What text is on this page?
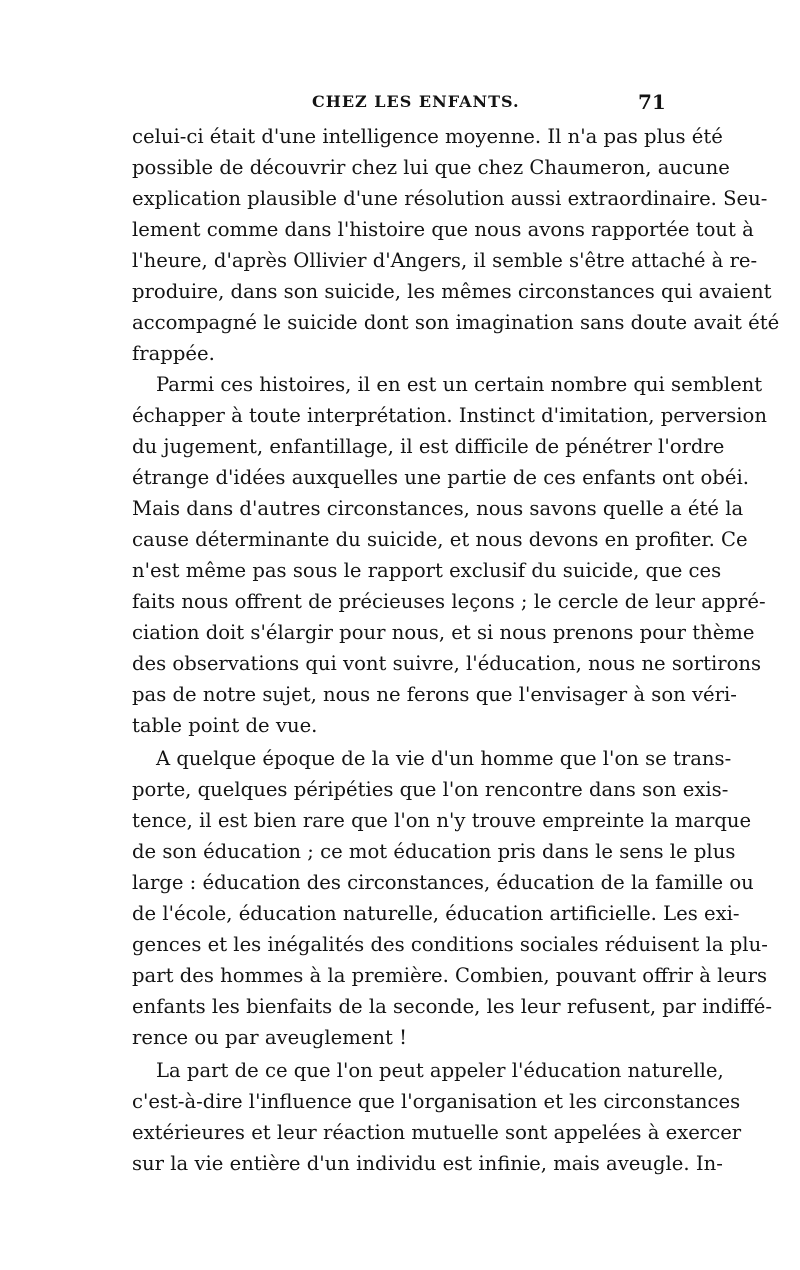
CHEZ LES ENFANTS.	71
celui-ci était d'une intelligence moyenne. Il n'a pas plus été
possible de découvrir chez lui que chez Chaumeron, aucune
explication plausible d'une résolution aussi extraordinaire. Seu-
lement comme dans l'histoire que nous avons rapportée tout à
l'heure, d'après Ollivier d'Angers, il semble s'être attaché à re-
produire, dans son suicide, les mêmes circonstances qui avaient
accompagné le suicide dont son imagination sans doute avait été
frappée.
Parmi ces histoires, il en est un certain nombre qui semblent
échapper à toute interprétation. Instinct d'imitation, perversion
du jugement, enfantillage, il est difficile de pénétrer l'ordre
étrange d'idées auxquelles une partie de ces enfants ont obéi.
Mais dans d'autres circonstances, nous savons quelle a été la
cause déterminante du suicide, et nous devons en profiter. Ce
n'est même pas sous le rapport exclusif du suicide, que ces
faits nous offrent de précieuses leçons ; le cercle de leur appré-
ciation doit s'élargir pour nous, et si nous prenons pour thème
des observations qui vont suivre, l'éducation, nous ne sortirons
pas de notre sujet, nous ne ferons que l'envisager à son véri-
table point de vue.
A quelque époque de la vie d'un homme que l'on se trans-
porte, quelques péripéties que l'on rencontre dans son exis-
tence, il est bien rare que l'on n'y trouve empreinte la marque
de son éducation ; ce mot éducation pris dans le sens le plus
large : éducation des circonstances, éducation de la famille ou
de l'école, éducation naturelle, éducation artificielle. Les exi-
gences et les inégalités des conditions sociales réduisent la plu-
part des hommes à la première. Combien, pouvant offrir à leurs
enfants les bienfaits de la seconde, les leur refusent, par indiffé-
rence ou par aveuglement !
La part de ce que l'on peut appeler l'éducation naturelle,
c'est-à-dire l'influence que l'organisation et les circonstances
extérieures et leur réaction mutuelle sont appelées à exercer
sur la vie entière d'un individu est infinie, mais aveugle. In-
